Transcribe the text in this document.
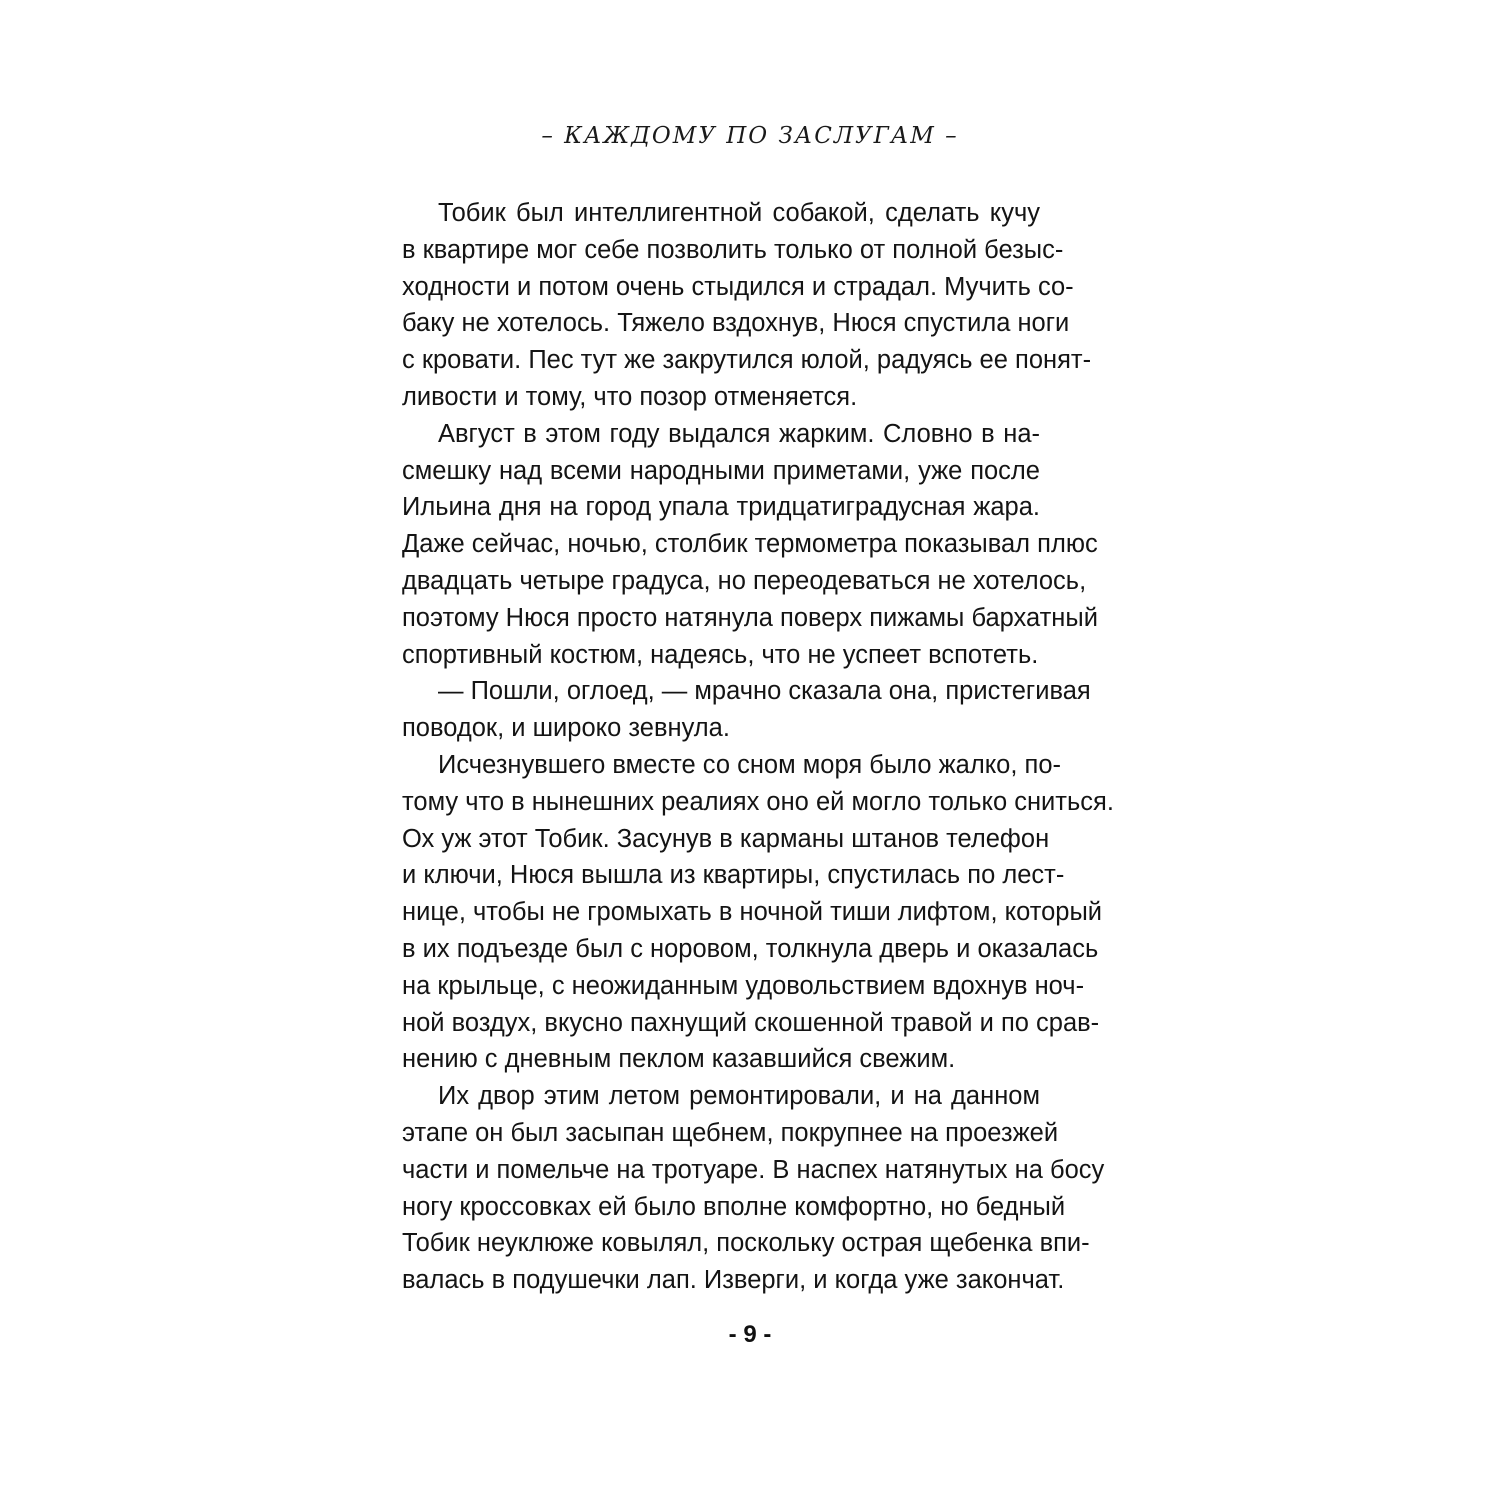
– КАЖДОМУ ПО ЗАСЛУГАМ –

Тобик был интеллигентной собакой, сделать кучу
в квартире мог себе позволить только от полной безыс-
ходности и потом очень стыдился и страдал. Мучить со-
баку не хотелось. Тяжело вздохнув, Нюся спустила ноги
с кровати. Пес тут же закрутился юлой, радуясь ее понят-
ливости и тому, что позор отменяется.

Август в этом году выдался жарким. Словно в на-
смешку над всеми народными приметами, уже после
Ильина дня на город упала тридцатиградусная жара.
Даже сейчас, ночью, столбик термометра показывал плюс
двадцать четыре градуса, но переодеваться не хотелось,
поэтому Нюся просто натянула поверх пижамы бархатный
спортивный костюм, надеясь, что не успеет вспотеть.

— Пошли, оглоед, — мрачно сказала она, пристегивая
поводок, и широко зевнула.

Исчезнувшего вместе со сном моря было жалко, по-
тому что в нынешних реалиях оно ей могло только сниться.
Ох уж этот Тобик. Засунув в карманы штанов телефон
и ключи, Нюся вышла из квартиры, спустилась по лест-
нице, чтобы не громыхать в ночной тиши лифтом, который
в их подъезде был с норовом, толкнула дверь и оказалась
на крыльце, с неожиданным удовольствием вдохнув ноч-
ной воздух, вкусно пахнущий скошенной травой и по срав-
нению с дневным пеклом казавшийся свежим.

Их двор этим летом ремонтировали, и на данном
этапе он был засыпан щебнем, покрупнее на проезжей
части и помельче на тротуаре. В наспех натянутых на босу
ногу кроссовках ей было вполне комфортно, но бедный
Тобик неуклюже ковылял, поскольку острая щебенка впи-
валась в подушечки лап. Изверги, и когда уже закончат.

- 9 -
